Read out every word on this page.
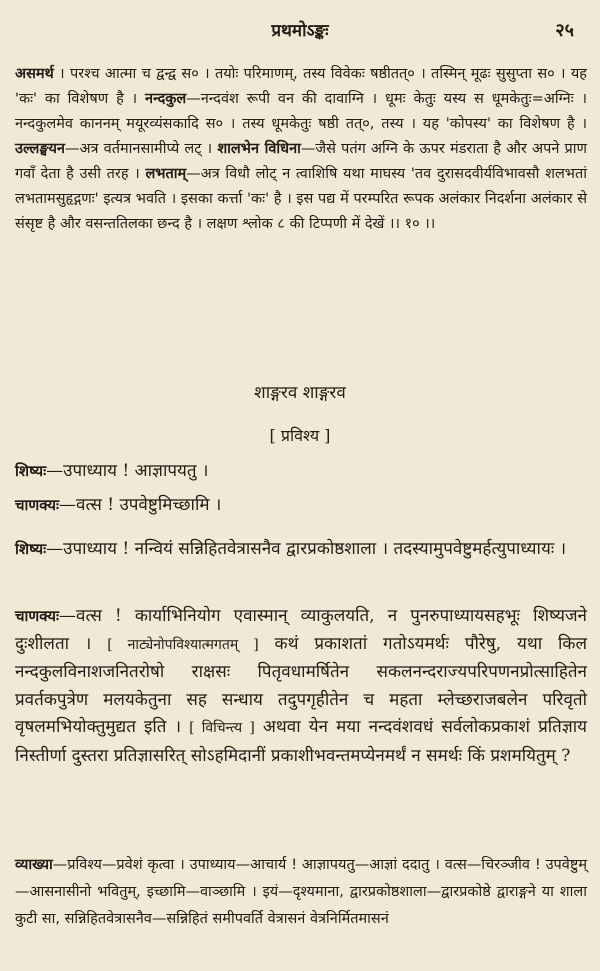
प्रथमोऽङ्कः	२५
असमर्थ । परश्च आत्मा च द्वन्द्व स० । तयोः परिमाणम्, तस्य विवेकः षष्ठीतत्० । तस्मिन् मूढः सुसुप्ता स० । यह 'कः' का विशेषण है । नन्दकुल—नन्दवंश रूपी वन की दावाग्नि । धूमः केतुः यस्य स धूमकेतुः=अग्निः । नन्दकुलमेव काननम् मयूरव्यंसकादि स० । तस्य धूमकेतुः षष्ठी तत्०, तस्य । यह 'कोपस्य' का विशेषण है । उल्लङ्घयन—अत्र वर्तमानसामीप्ये लट् । शालभेन विधिना—जैसे पतंग अग्नि के ऊपर मंडराता है और अपने प्राण गवाँ देता है उसी तरह । लभताम्—अत्र विधौ लोट् न त्वाशिषि यथा माघस्य 'तव दुरासदवीर्यविभावसौ शलभतां लभतामसुहृद्गणः' इत्यत्र भवति । इसका कर्त्ता 'कः' है । इस पद्य में परम्परित रूपक अलंकार निदर्शना अलंकार से संसृष्ट है और वसन्ततिलका छन्द है । लक्षण श्लोक ८ की टिप्पणी में देखें ।। १० ।।
शाङ्गरव शाङ्गरव
[ प्रविश्य ]
शिष्यः—उपाध्याय ! आज्ञापयतु ।
चाणक्यः—वत्स ! उपवेष्टुमिच्छामि ।
शिष्यः—उपाध्याय ! नन्वियं सन्निहितवेत्रासनैव द्वारप्रकोष्ठशाला । तदस्यामुपवेष्टुमर्हत्युपाध्यायः ।
चाणक्यः—वत्स ! कार्याभिनियोग एवास्मान् व्याकुलयति, न पुनरुपाध्यायसहभूः शिष्यजने दुःशीलता । [ नाट्येनोपविश्यात्मगतम् ] कथं प्रकाशतां गतोऽयमर्थः पौरेषु, यथा किल नन्दकुलविनाशजनितरोषो राक्षसः पितृवधामर्षितेन सकलनन्दराज्यपरिपणनप्रोत्साहितेन प्रवर्तकपुत्रेण मलयकेतुना सह सन्धाय तदुपगृहीतेन च महता म्लेच्छराजबलेन परिवृतो वृषलमभियोक्तुमुद्यत इति । [ विचिन्त्य ] अथवा येन मया नन्दवंशवधं सर्वलोकप्रकाशं प्रतिज्ञाय निस्तीर्णा दुस्तरा प्रतिज्ञासरित् सोऽहमिदानीं प्रकाशीभवन्तमप्येनमर्थं न समर्थः किं प्रशमयितुम् ?
व्याख्या—प्रविश्य—प्रवेशं कृत्वा । उपाध्याय—आचार्य ! आज्ञापयतु—आज्ञां ददातु । वत्स—चिरञ्जीव ! उपवेष्टुम्—आसनासीनो भवितुम्, इच्छामि—वाञ्छामि । इयं—दृश्यमाना, द्वारप्रकोष्ठशाला—द्वारप्रकोष्ठे द्वाराङ्गने या शाला कुटी सा, सन्निहितवेत्रासनैव—सन्निहितं समीपवर्ति वेत्रासनं वेत्रनिर्मितमासनं
